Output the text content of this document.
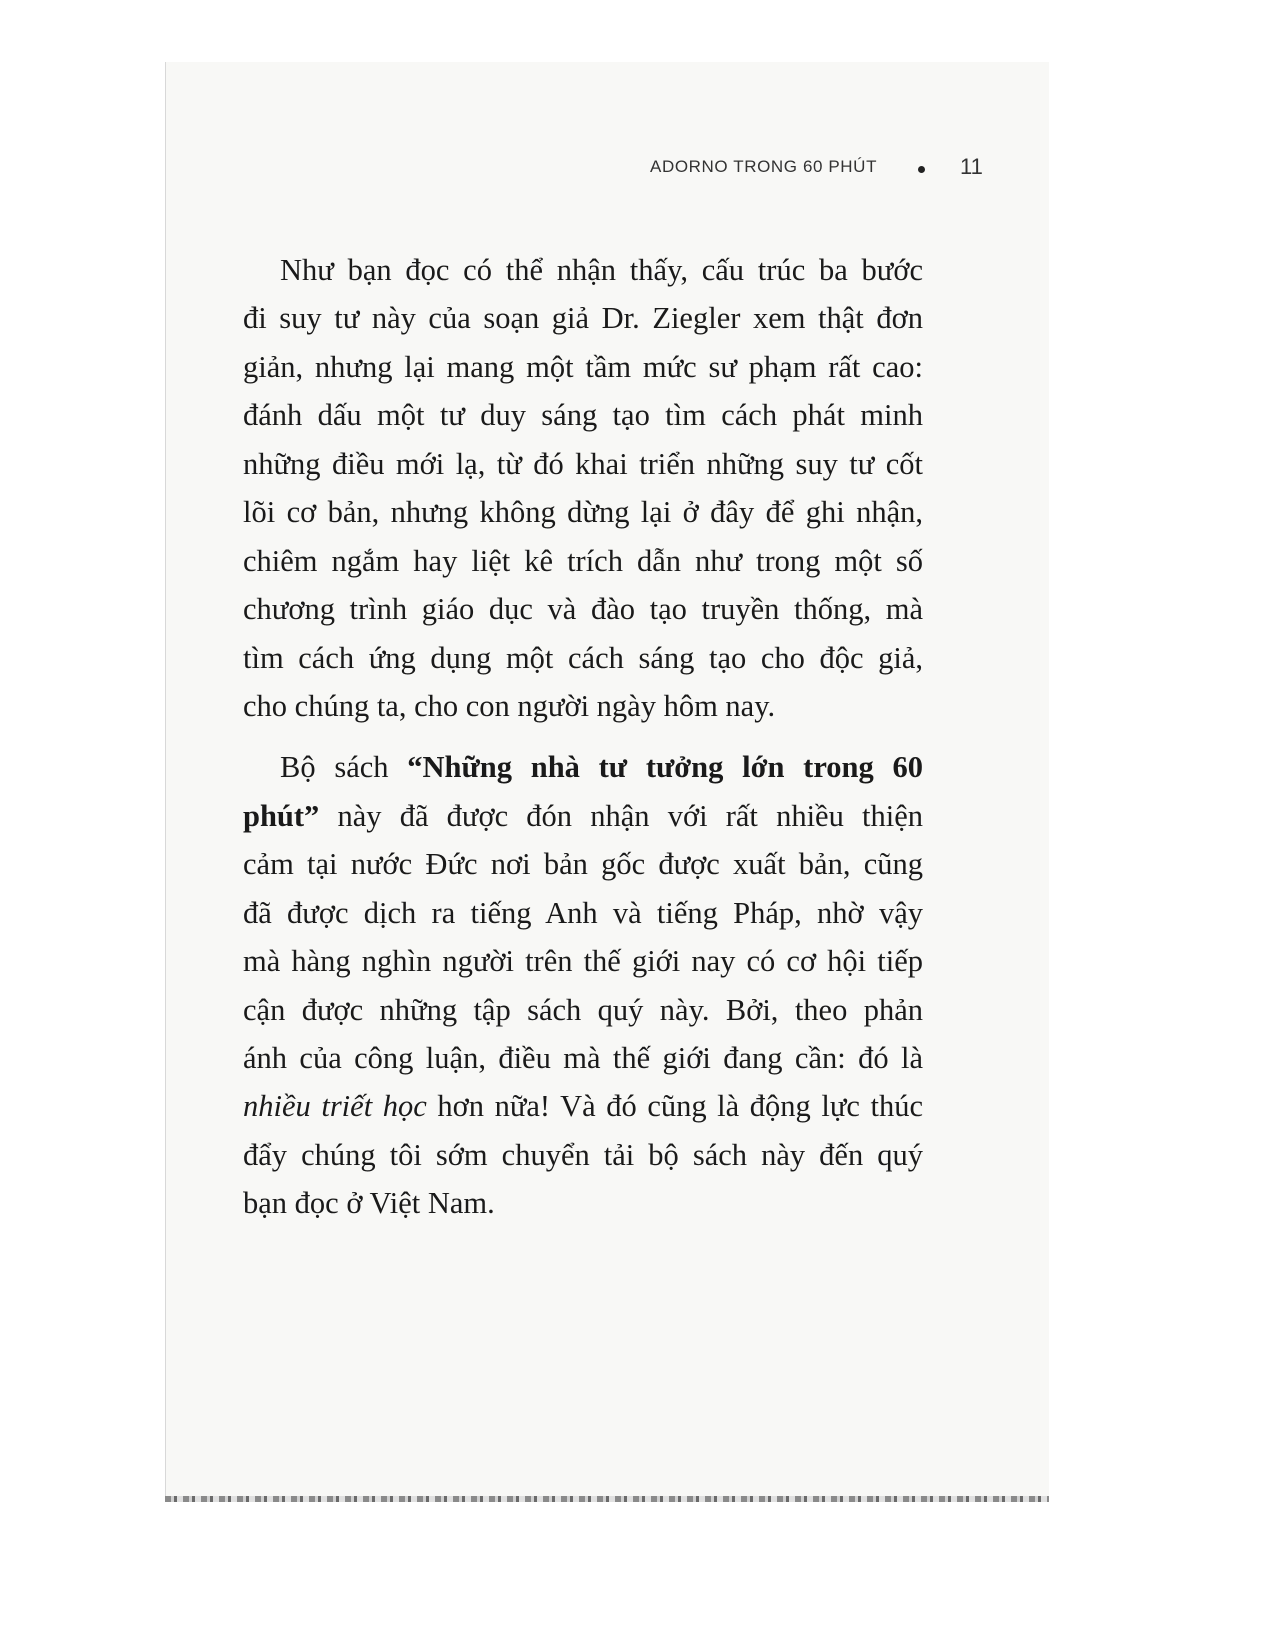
ADORNO TRONG 60 PHÚT	11
Như bạn đọc có thể nhận thấy, cấu trúc ba bước
đi suy tư này của soạn giả Dr. Ziegler xem thật đơn
giản, nhưng lại mang một tầm mức sư phạm rất cao:
đánh dấu một tư duy sáng tạo tìm cách phát minh
những điều mới lạ, từ đó khai triển những suy tư cốt
lõi cơ bản, nhưng không dừng lại ở đây để ghi nhận,
chiêm ngắm hay liệt kê trích dẫn như trong một số
chương trình giáo dục và đào tạo truyền thống, mà
tìm cách ứng dụng một cách sáng tạo cho độc giả,
cho chúng ta, cho con người ngày hôm nay.
Bộ sách “Những nhà tư tưởng lớn trong 60
phút” này đã được đón nhận với rất nhiều thiện
cảm tại nước Đức nơi bản gốc được xuất bản, cũng
đã được dịch ra tiếng Anh và tiếng Pháp, nhờ vậy
mà hàng nghìn người trên thế giới nay có cơ hội tiếp
cận được những tập sách quý này. Bởi, theo phản
ánh của công luận, điều mà thế giới đang cần: đó là
nhiều triết học hơn nữa! Và đó cũng là động lực thúc
đẩy chúng tôi sớm chuyển tải bộ sách này đến quý
bạn đọc ở Việt Nam.
